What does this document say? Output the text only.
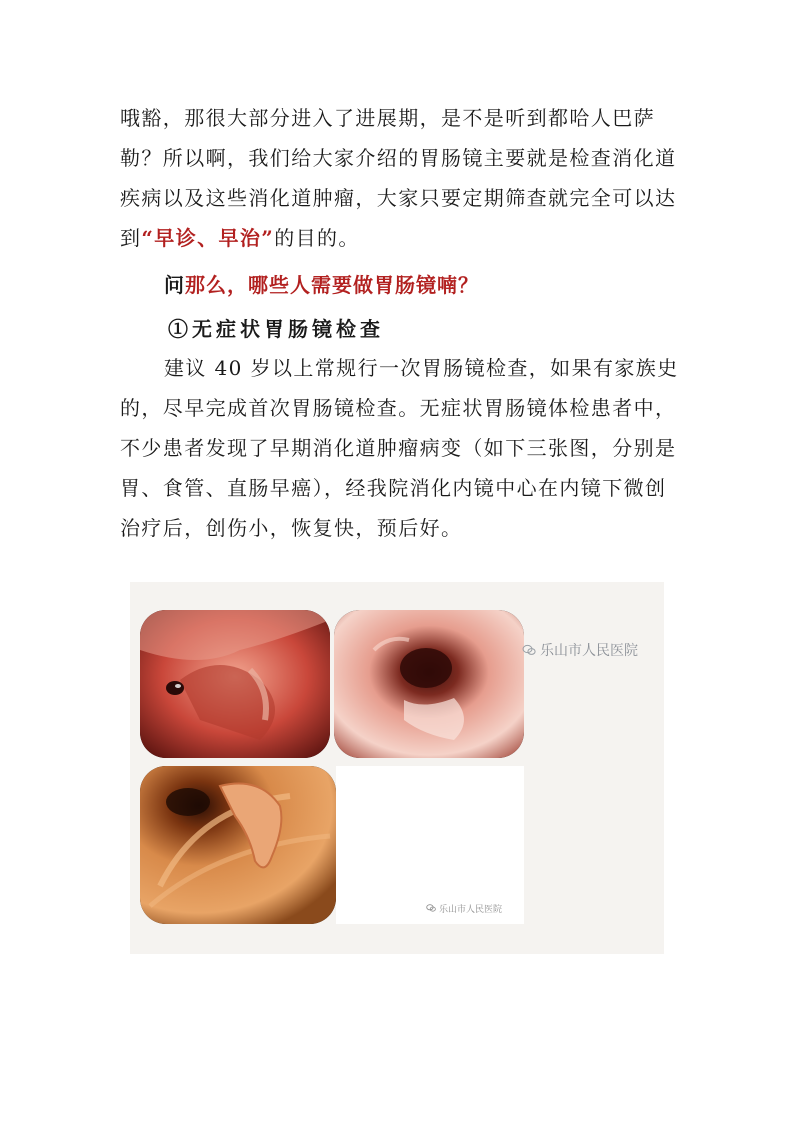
哦豁，那很大部分进入了进展期，是不是听到都哈人巴萨勒？所以啊，我们给大家介绍的胃肠镜主要就是检查消化道疾病以及这些消化道肿瘤，大家只要定期筛查就完全可以达到“早诊、早治”的目的。

问那么，哪些人需要做胃肠镜喃？
①无症状胃肠镜检查

建议 40 岁以上常规行一次胃肠镜检查，如果有家族史的，尽早完成首次胃肠镜检查。无症状胃肠镜体检患者中，不少患者发现了早期消化道肿瘤病变（如下三张图，分别是胃、食管、直肠早癌），经我院消化内镜中心在内镜下微创治疗后，创伤小，恢复快，预后好。

乐山市人民医院
乐山市人民医院
